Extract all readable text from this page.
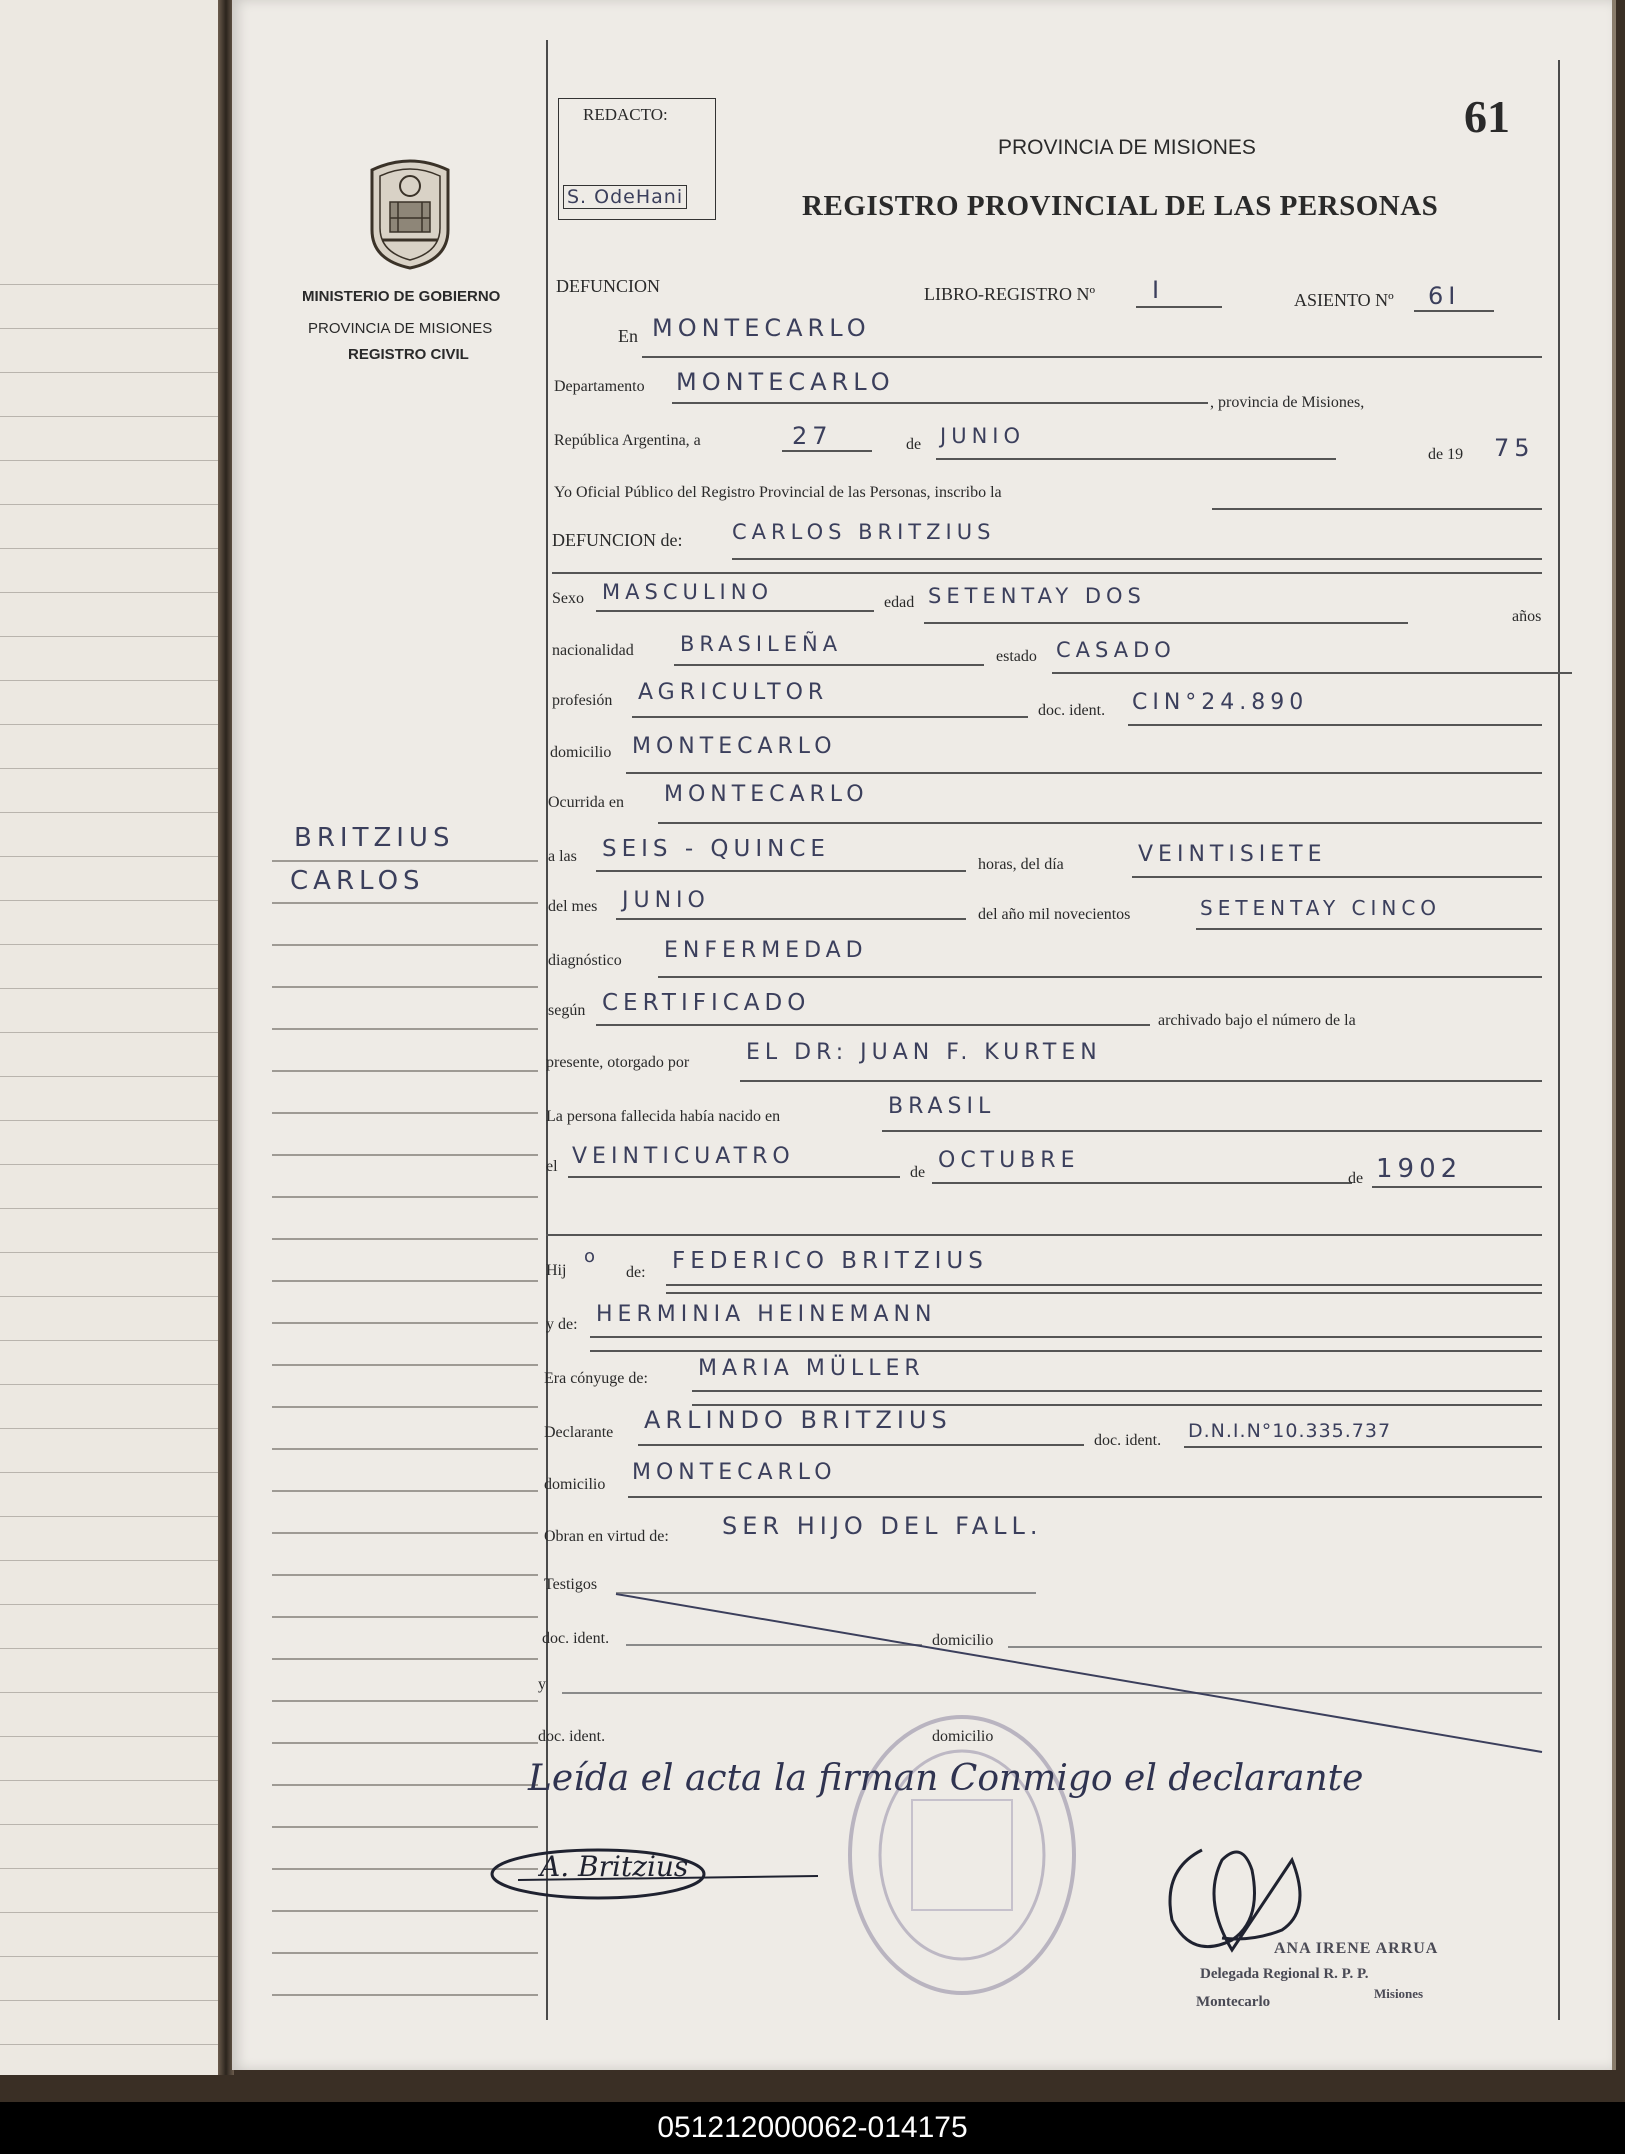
REDACTO:
S. OdeHani
61
PROVINCIA DE MISIONES
REGISTRO PROVINCIAL DE LAS PERSONAS
MINISTERIO DE GOBIERNO
PROVINCIA DE MISIONES
REGISTRO CIVIL
BRITZIUS
CARLOS
DEFUNCION	LIBRO-REGISTRO Nº I	ASIENTO Nº 6I
En MONTECARLO
Departamento MONTECARLO
, provincia de Misiones,
República Argentina, a	27	de JUNIO
de 19 75
Yo Oficial Público del Registro Provincial de las Personas, inscribo la
DEFUNCION de: CARLOS BRITZIUS
Sexo MASCULINO	edad SETENTAY DOS
años
nacionalidad BRASILEÑA
estado CASADO
profesión AGRICULTOR
doc. ident. CIN°24.890
domicilio MONTECARLO
Ocurrida en MONTECARLO
a las SEIS - QUINCE
horas, del día	VEINTISIETE
del mes JUNIO
del año mil novecientos	SETENTAY CINCO
diagnóstico ENFERMEDAD
según CERTIFICADO
archivado bajo el número de la
presente, otorgado por	EL DR: JUAN F. KURTEN
La persona fallecida había nacido en	BRASIL
el VEINTICUATRO
de OCTUBRE
de 1902
Hij
o
de: FEDERICO BRITZIUS
y de: HERMINIA HEINEMANN
Era cónyuge de: MARIA MÜLLER
Declarante ARLINDO BRITZIUS
doc. ident. D.N.I.N°10.335.737
domicilio MONTECARLO
Obran en virtud de: SER HIJO DEL FALL.
Testigos
doc. ident.	domicilio
y
doc. ident.	domicilio
Leída el acta la firman Conmigo el declarante
A. Britzius
ANA IRENE ARRUA
Delegada Regional R. P. P.
Montecarlo
Misiones
051212000062-014175
